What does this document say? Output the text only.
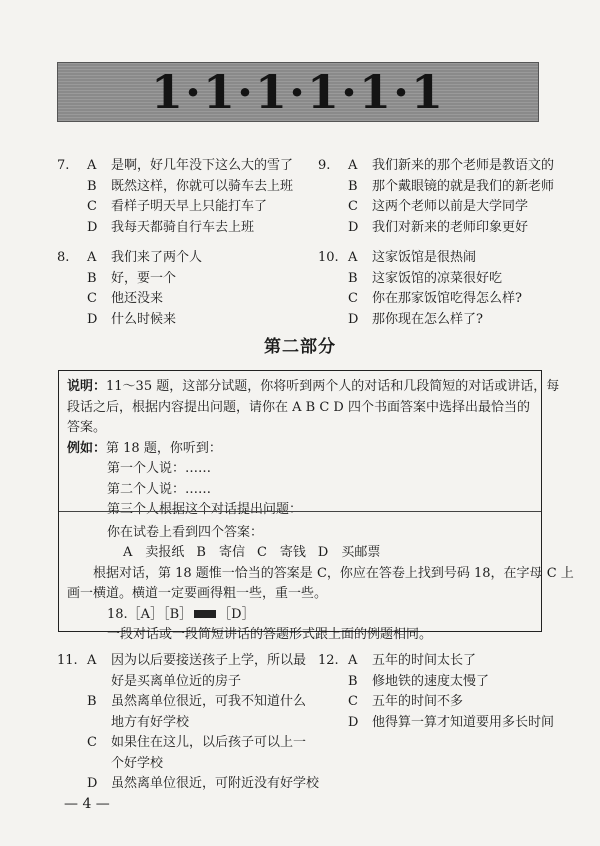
1·1·1·1·1·1
7.	A	是啊，好几年没下这么大的雪了
B	既然这样，你就可以骑车去上班
C	看样子明天早上只能打车了
D	我每天都骑自行车去上班
8.	A	我们来了两个人
B	好，要一个
C	他还没来
D	什么时候来
9.	A	我们新来的那个老师是教语文的
B	那个戴眼镜的就是我们的新老师
C	这两个老师以前是大学同学
D	我们对新来的老师印象更好
10. A	这家饭馆是很热闹
B	这家饭馆的凉菜很好吃
C	你在那家饭馆吃得怎么样?
D	那你现在怎么样了?
第二部分
说明：11～35 题，这部分试题，你将听到两个人的对话和几段简短的对话或讲话，每
段话之后，根据内容提出问题，请你在 A B C D 四个书面答案中选择出最恰当的
答案。
例如：第 18 题，你听到：
第一个人说：……
第二个人说：……
第三个人根据这个对话提出问题：
你在试卷上看到四个答案：
A　卖报纸 B　寄信 C　寄钱 D　买邮票
根据对话，第 18 题惟一恰当的答案是 C，你应在答卷上找到号码 18，在字母 C 上
画一横道。横道一定要画得粗一些，重一些。
18.［A］［B］ ［D］
一段对话或一段简短讲话的答题形式跟上面的例题相同。
11. A	因为以后要接送孩子上学，所以最
好是买离单位近的房子
B	虽然离单位很近，可我不知道什么
地方有好学校
C	如果住在这儿，以后孩子可以上一
个好学校
D	虽然离单位很近，可附近没有好学校
12. A	五年的时间太长了
B	修地铁的速度太慢了
C	五年的时间不多
D	他得算一算才知道要用多长时间
— 4 —
